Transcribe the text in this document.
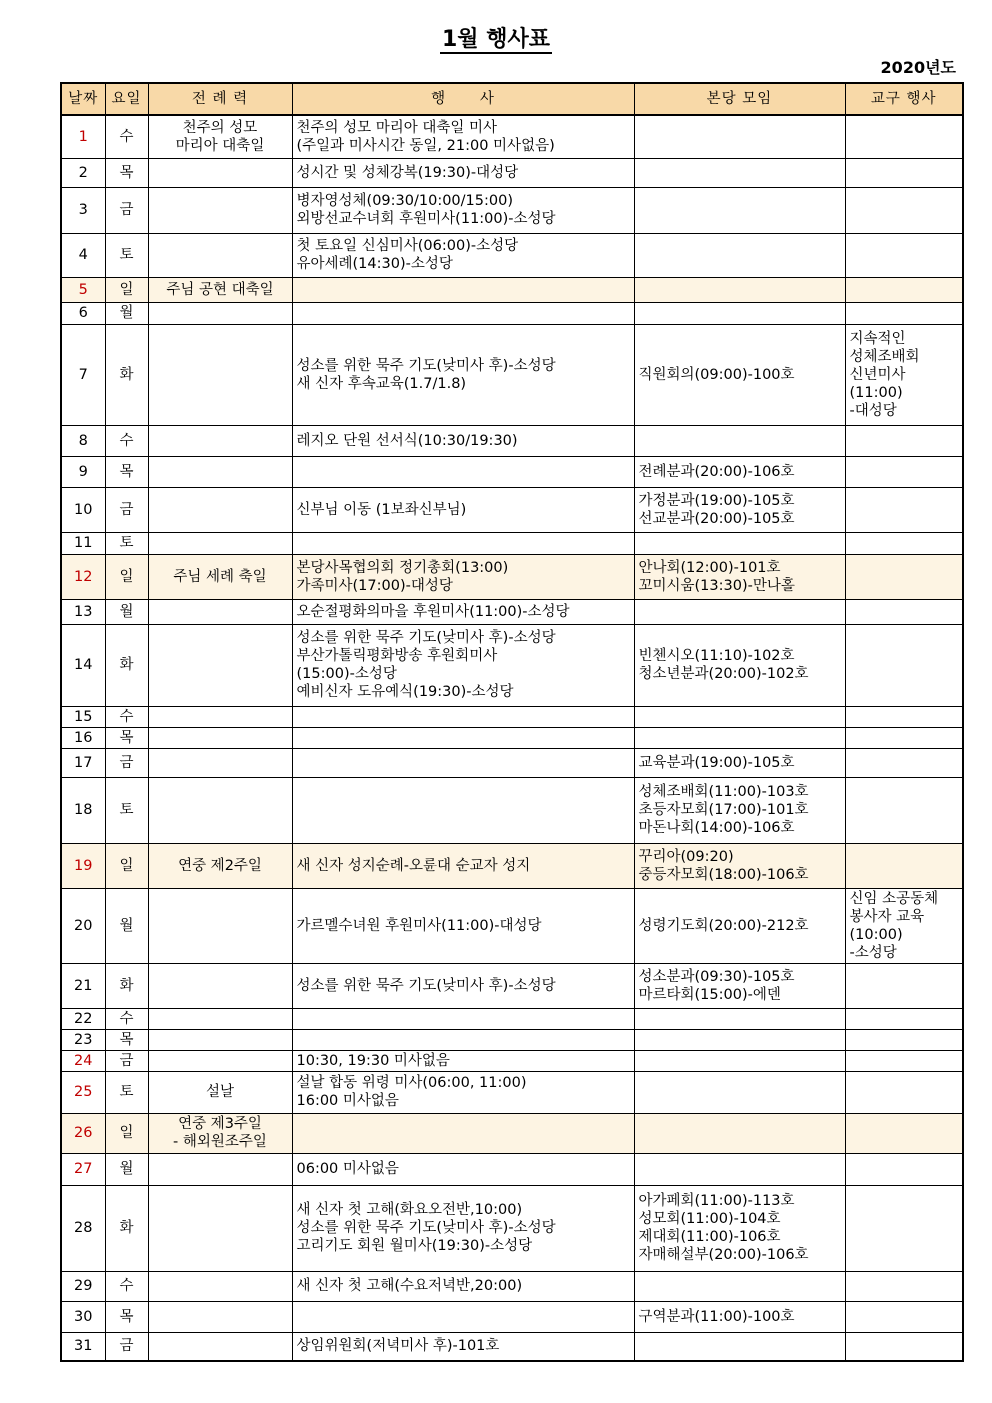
1월 행사표
2020년도
날짜	요일	전 례 력	행      사	본당 모임	교구 행사
1	수	천주의 성모
마리아 대축일	천주의 성모 마리아 대축일 미사
(주일과 미사시간 동일, 21:00 미사없음)		
2	목		성시간 및 성체강복(19:30)-대성당		
3	금		병자영성체(09:30/10:00/15:00)
외방선교수녀회 후원미사(11:00)-소성당		
4	토		첫 토요일 신심미사(06:00)-소성당
유아세례(14:30)-소성당		
5	일	주님 공현 대축일			
6	월				
7	화		성소를 위한 묵주 기도(낮미사 후)-소성당
새 신자 후속교육(1.7/1.8)	직원회의(09:00)-100호	지속적인
성체조배회
신년미사
(11:00)
-대성당
8	수		레지오 단원 선서식(10:30/19:30)		
9	목			전례분과(20:00)-106호	
10	금		신부님 이동 (1보좌신부님)	가정분과(19:00)-105호
선교분과(20:00)-105호	
11	토				
12	일	주님 세례 축일	본당사목협의회 정기총회(13:00)
가족미사(17:00)-대성당	안나회(12:00)-101호
꼬미시움(13:30)-만나홀	
13	월		오순절평화의마을 후원미사(11:00)-소성당		
14	화		성소를 위한 묵주 기도(낮미사 후)-소성당
부산가톨릭평화방송 후원회미사
(15:00)-소성당
예비신자 도유예식(19:30)-소성당	빈첸시오(11:10)-102호
청소년분과(20:00)-102호	
15	수				
16	목				
17	금			교육분과(19:00)-105호	
18	토			성체조배회(11:00)-103호
초등자모회(17:00)-101호
마돈나회(14:00)-106호	
19	일	연중 제2주일	새 신자 성지순례-오륜대 순교자 성지	꾸리아(09:20)
중등자모회(18:00)-106호	
20	월		가르멜수녀원 후원미사(11:00)-대성당	성령기도회(20:00)-212호	신임 소공동체
봉사자 교육
(10:00)
-소성당
21	화		성소를 위한 묵주 기도(낮미사 후)-소성당	성소분과(09:30)-105호
마르타회(15:00)-에덴	
22	수				
23	목				
24	금		10:30, 19:30 미사없음		
25	토	설날	설날 합동 위령 미사(06:00, 11:00)
16:00 미사없음		
26	일	연중 제3주일
- 해외원조주일			
27	월		06:00 미사없음		
28	화		새 신자 첫 고해(화요오전반,10:00)
성소를 위한 묵주 기도(낮미사 후)-소성당
고리기도 회원 월미사(19:30)-소성당	아가페회(11:00)-113호
성모회(11:00)-104호
제대회(11:00)-106호
자매해설부(20:00)-106호	
29	수		새 신자 첫 고해(수요저녁반,20:00)		
30	목			구역분과(11:00)-100호	
31	금		상임위원회(저녁미사 후)-101호		
